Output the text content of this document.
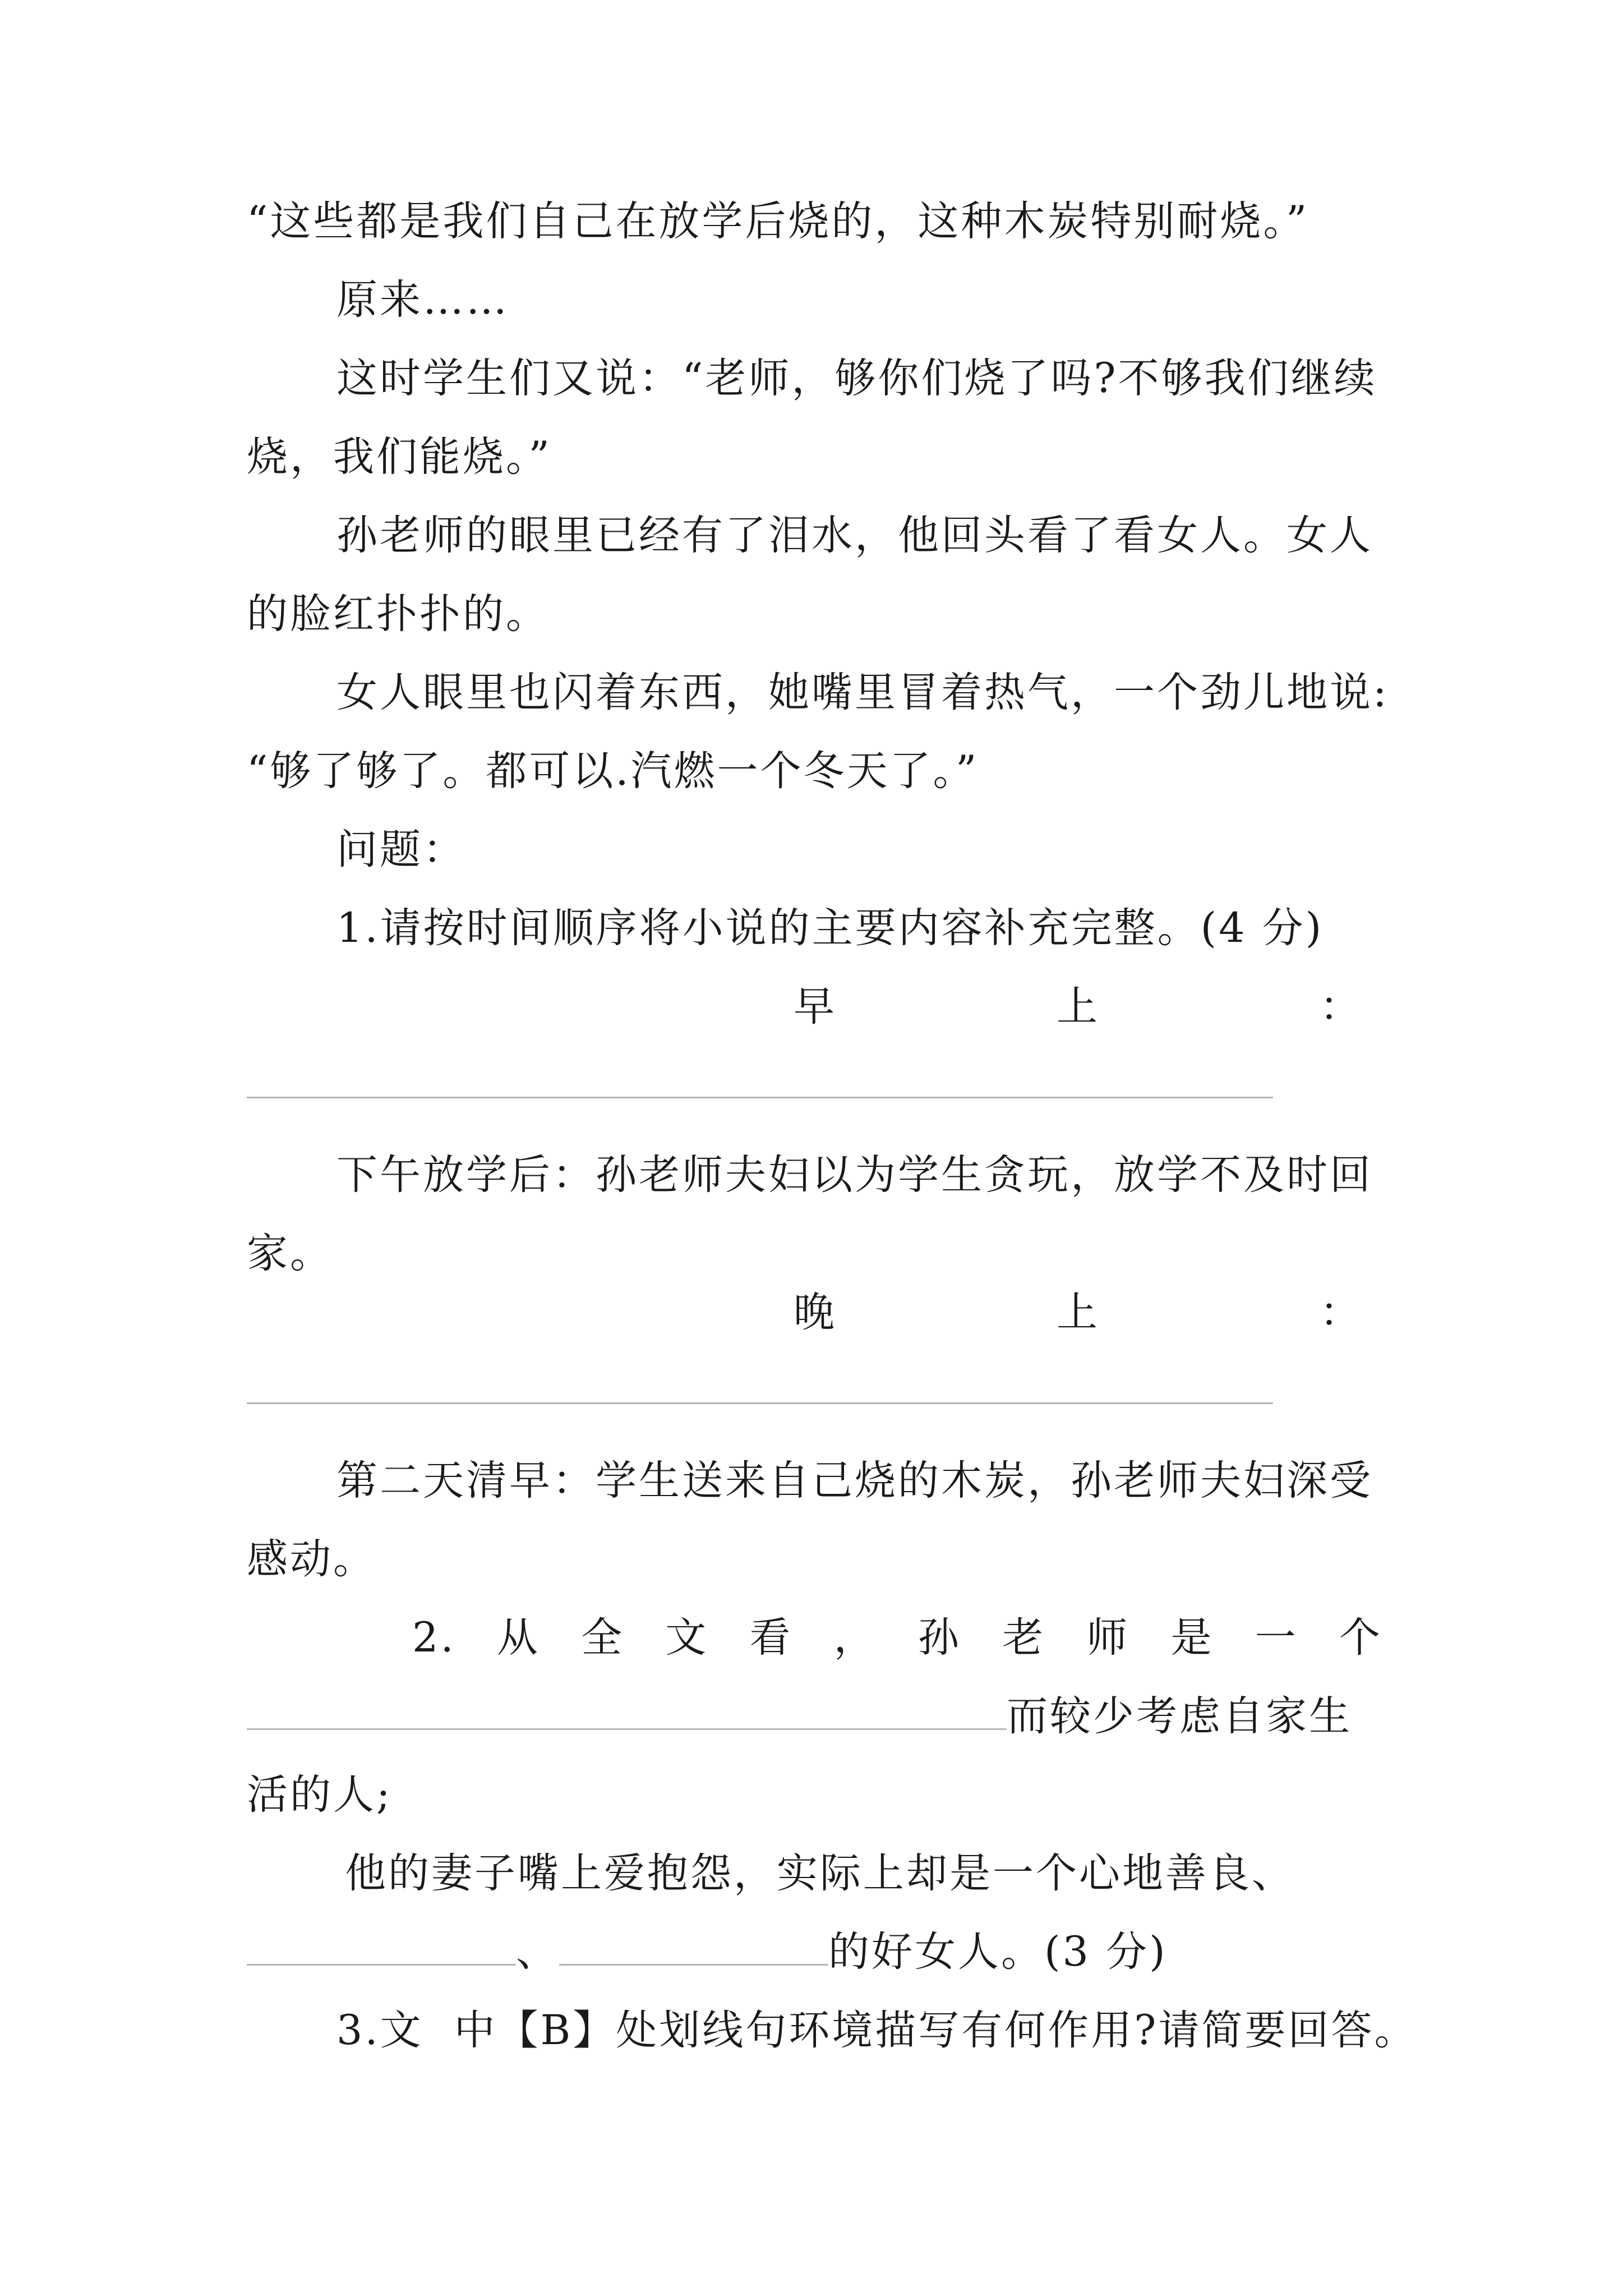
“这些都是我们自己在放学后烧的，这种木炭特别耐烧。”
原来……
这时学生们又说：“老师，够你们烧了吗?不够我们继续
烧，我们能烧。”
孙老师的眼里已经有了泪水，他回头看了看女人。女人
的脸红扑扑的。
女人眼里也闪着东西，她嘴里冒着热气，一个劲儿地说:
“够了够了。都可以.汽燃一个冬天了。”
问题：
1.请按时间顺序将小说的主要内容补充完整。(4 分)
早	上	：
下午放学后：孙老师夫妇以为学生贪玩，放学不及时回
家。
晚	上	：
第二天清早：学生送来自己烧的木炭，孙老师夫妇深受
感动。
2. 从 全 文 看 ， 孙 老 师 是 一 个
而较少考虑自家生
活的人;
他的妻子嘴上爱抱怨，实际上却是一个心地善良、
、	的好女人。(3 分)
3.文 中【B】处划线句环境描写有何作用?请简要回答。
